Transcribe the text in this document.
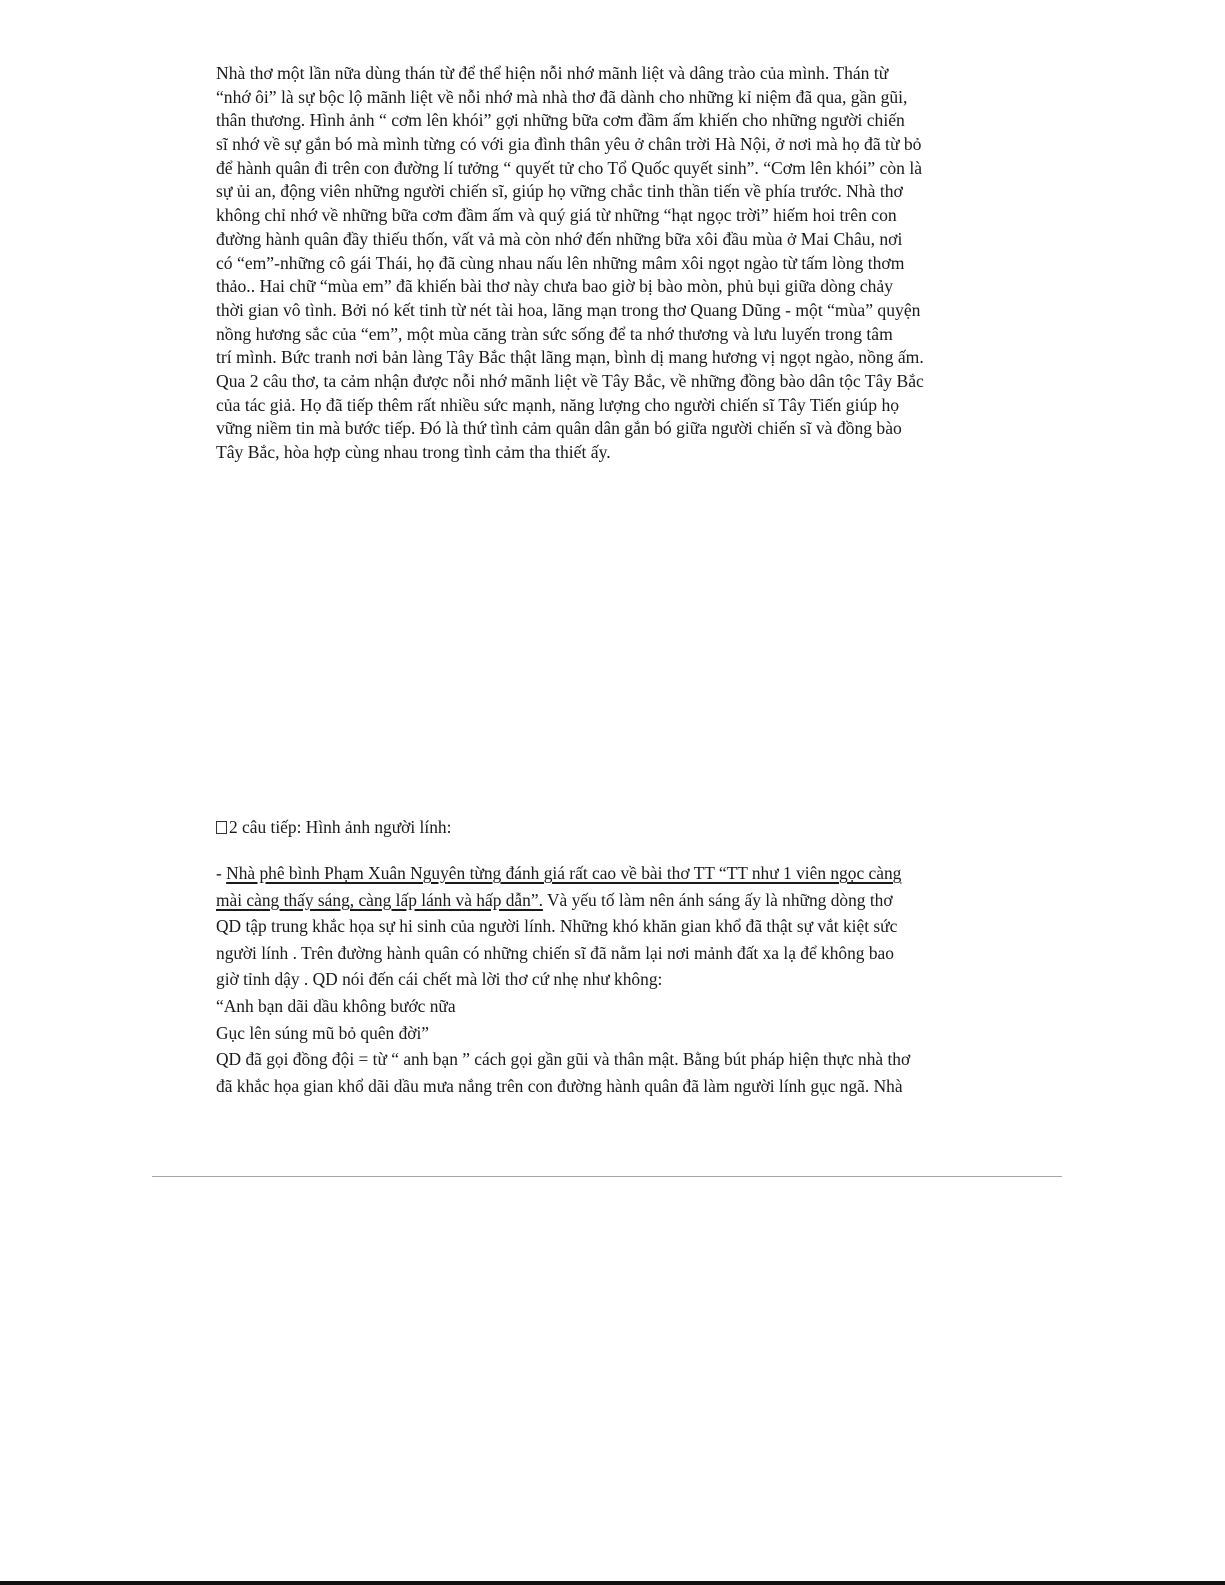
Nhà thơ một lần nữa dùng thán từ để thể hiện nỗi nhớ mãnh liệt và dâng trào của mình. Thán từ
“nhớ ôi” là sự bộc lộ mãnh liệt về nỗi nhớ mà nhà thơ đã dành cho những kỉ niệm đã qua, gần gũi,
thân thương. Hình ảnh “ cơm lên khói” gợi những bữa cơm đầm ấm khiến cho những người chiến
sĩ nhớ về sự gắn bó mà mình từng có với gia đình thân yêu ở chân trời Hà Nội, ở nơi mà họ đã từ bỏ
để hành quân đi trên con đường lí tưởng “ quyết tử cho Tổ Quốc quyết sinh”. “Cơm lên khói” còn là
sự ủi an, động viên những người chiến sĩ, giúp họ vững chắc tinh thần tiến về phía trước. Nhà thơ
không chỉ nhớ về những bữa cơm đầm ấm và quý giá từ những “hạt ngọc trời” hiếm hoi trên con
đường hành quân đầy thiếu thốn, vất vả mà còn nhớ đến những bữa xôi đầu mùa ở Mai Châu, nơi
có “em”-những cô gái Thái, họ đã cùng nhau nấu lên những mâm xôi ngọt ngào từ tấm lòng thơm
thảo.. Hai chữ “mùa em” đã khiến bài thơ này chưa bao giờ bị bào mòn, phủ bụi giữa dòng chảy
thời gian vô tình. Bởi nó kết tinh từ nét tài hoa, lãng mạn trong thơ Quang Dũng - một “mùa” quyện
nồng hương sắc của “em”, một mùa căng tràn sức sống để ta nhớ thương và lưu luyến trong tâm
trí mình. Bức tranh nơi bản làng Tây Bắc thật lãng mạn, bình dị mang hương vị ngọt ngào, nồng ấm.
Qua 2 câu thơ, ta cảm nhận được nỗi nhớ mãnh liệt về Tây Bắc, về những đồng bào dân tộc Tây Bắc
của tác giả. Họ đã tiếp thêm rất nhiều sức mạnh, năng lượng cho người chiến sĩ Tây Tiến giúp họ
vững niềm tin mà bước tiếp. Đó là thứ tình cảm quân dân gắn bó giữa người chiến sĩ và đồng bào
Tây Bắc, hòa hợp cùng nhau trong tình cảm tha thiết ấy.
2 câu tiếp: Hình ảnh người lính:
- Nhà phê bình Phạm Xuân Nguyên từng đánh giá rất cao về bài thơ TT “TT như 1 viên ngọc càng
mài càng thấy sáng, càng lấp lánh và hấp dẫn”. Và yếu tố làm nên ánh sáng ấy là những dòng thơ
QD tập trung khắc họa sự hi sinh của người lính. Những khó khăn gian khổ đã thật sự vắt kiệt sức
người lính . Trên đường hành quân có những chiến sĩ đã nằm lại nơi mảnh đất xa lạ để không bao
giờ tỉnh dậy . QD nói đến cái chết mà lời thơ cứ nhẹ như không:
“Anh bạn dãi dầu không bước nữa
Gục lên súng mũ bỏ quên đời”
QD đã gọi đồng đội = từ “ anh bạn ” cách gọi gần gũi và thân mật. Bằng bút pháp hiện thực nhà thơ
đã khắc họa gian khổ dãi dầu mưa nắng trên con đường hành quân đã làm người lính gục ngã. Nhà
